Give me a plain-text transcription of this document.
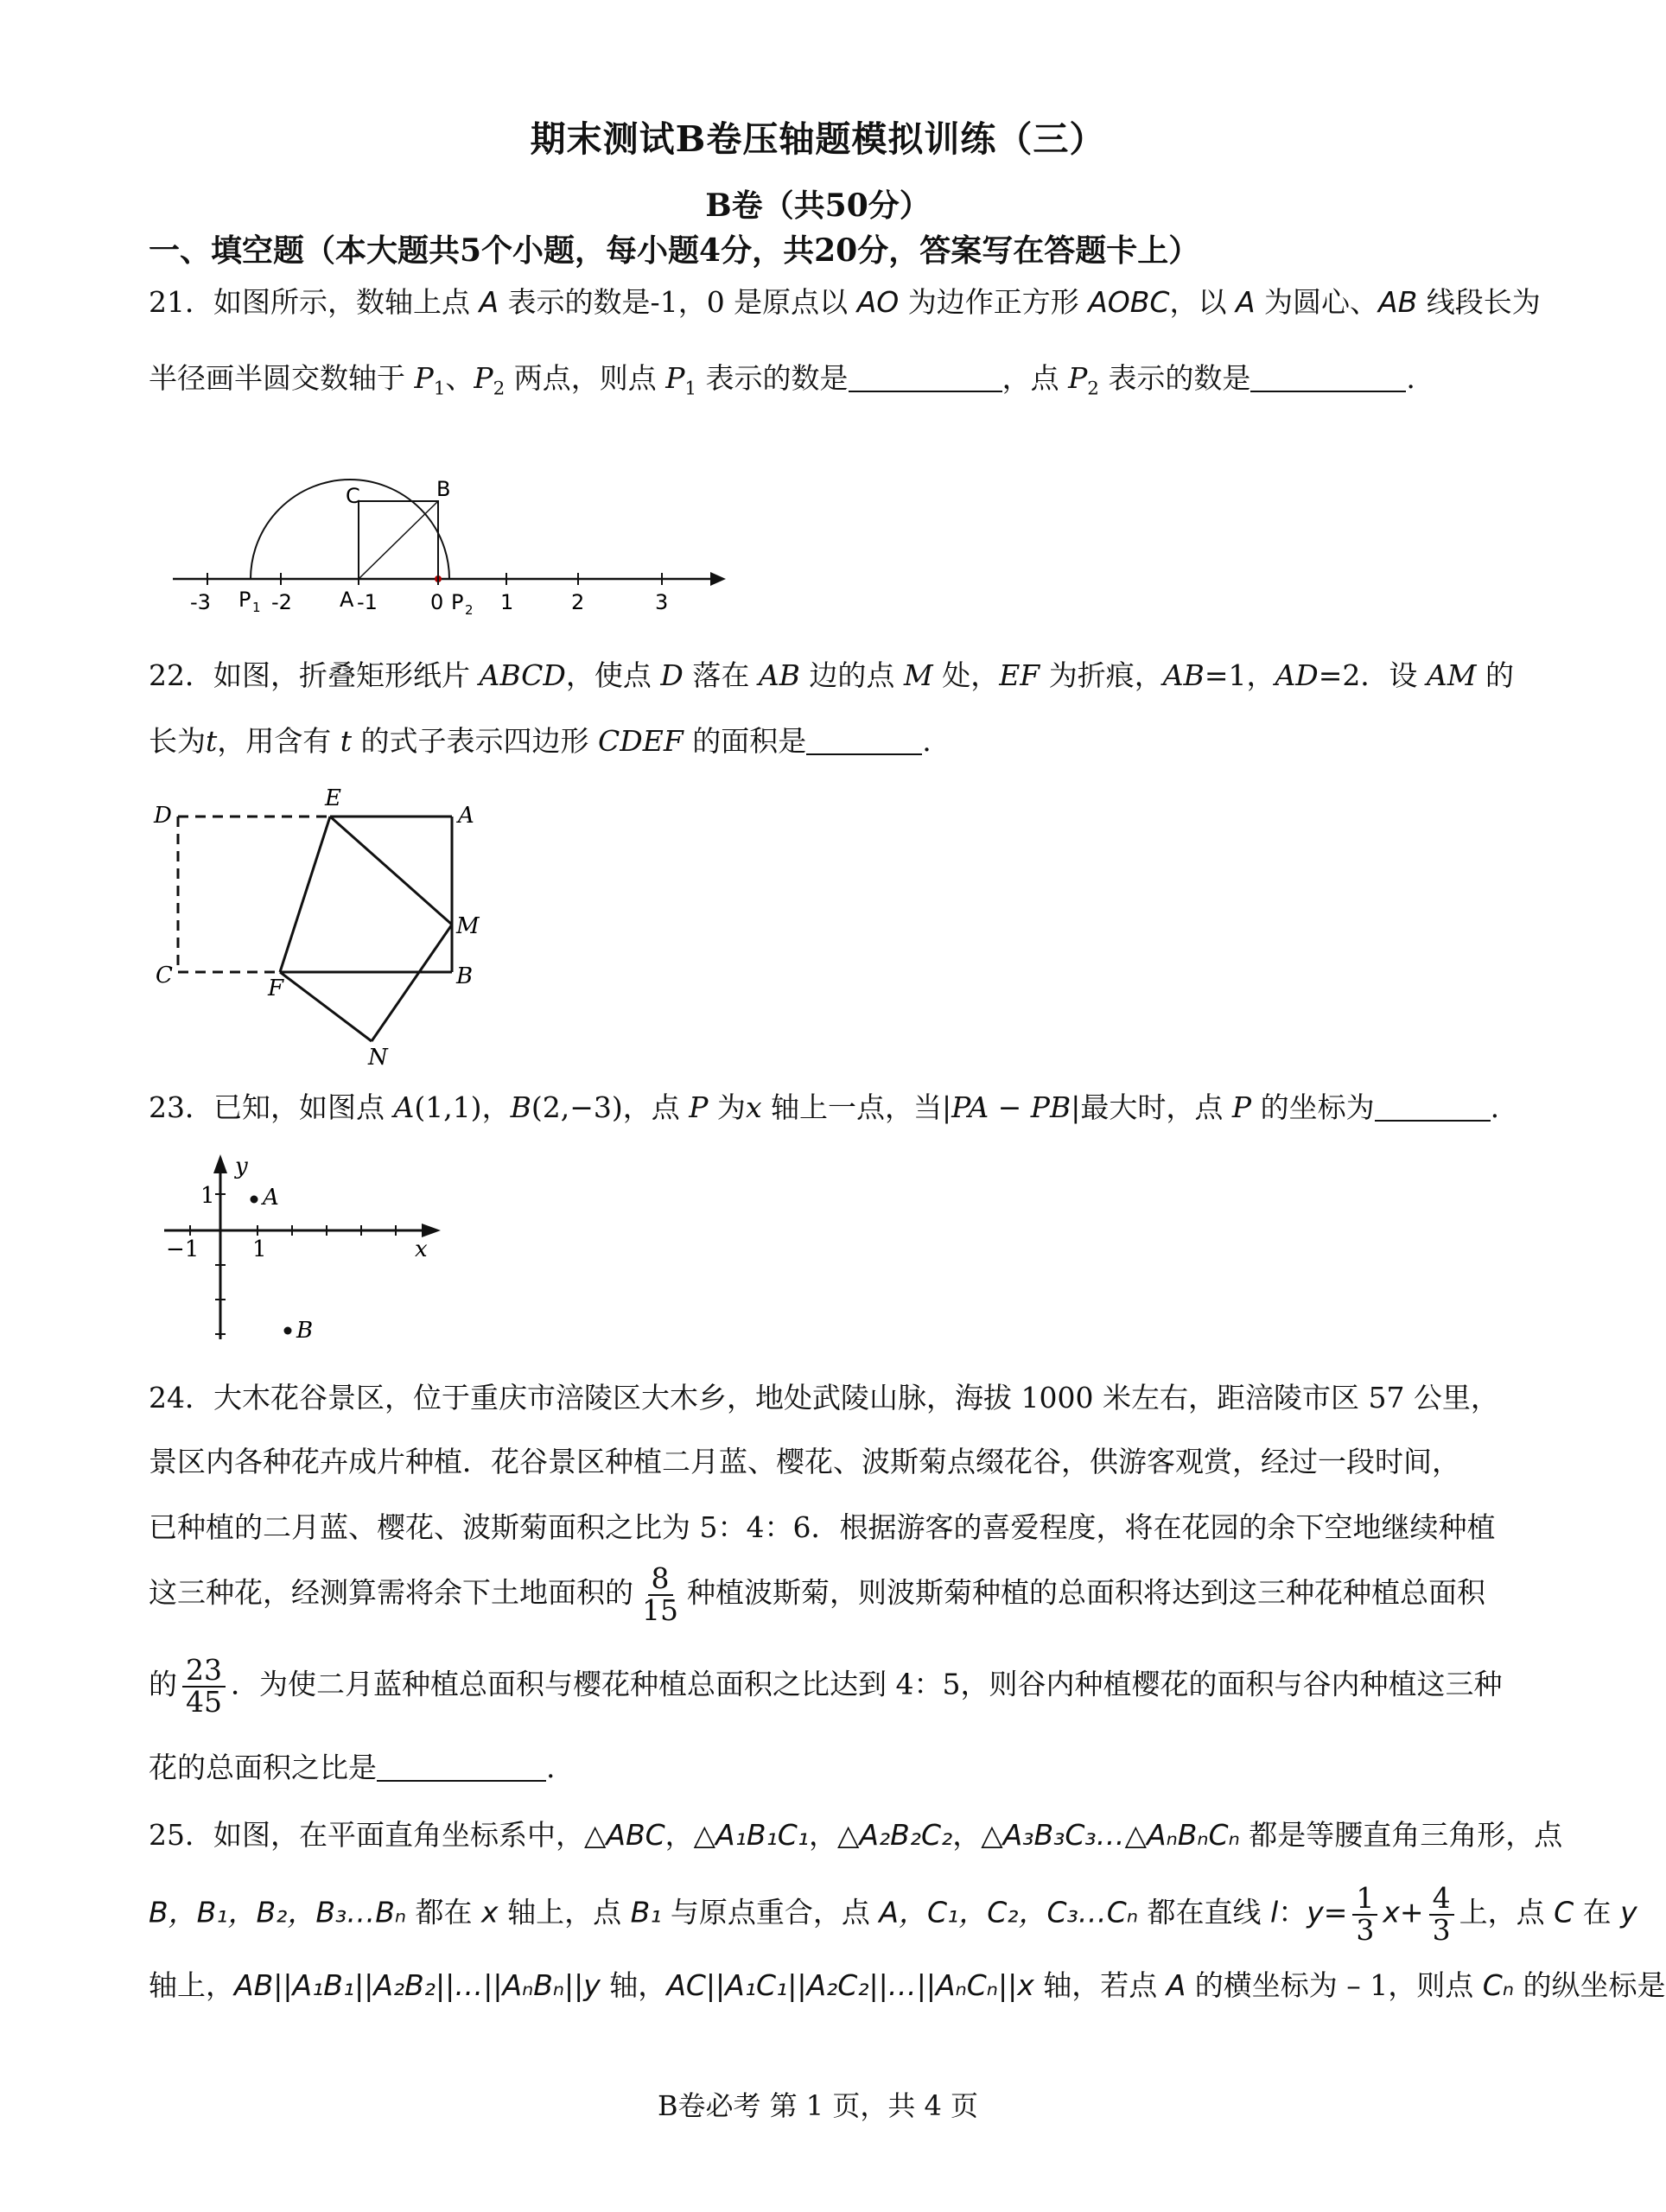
期末测试B卷压轴题模拟训练（三）
B卷（共50分）
一、填空题（本大题共5个小题，每小题4分，共20分，答案写在答题卡上）
21．如图所示，数轴上点 A 表示的数是-1，0 是原点以 AO 为边作正方形 AOBC，以 A 为圆心、AB 线段长为
半径画半圆交数轴于 $P_1$、$P_2$ 两点，则点 $P_1$ 表示的数是	，点 $P_2$ 表示的数是	.
C	B
A
-3 P 1 -2	-1	0 P 2 1	2	3
22．如图，折叠矩形纸片 ABCD，使点 D 落在 AB 边的点 M 处，EF 为折痕，AB=1，AD=2．设 AM 的
长为t，用含有 t 的式子表示四边形 CDEF 的面积是	.
D
E
A
M
C	F	B
N
23．已知，如图点 A(1,1)，B(2,−3)，点 P 为x 轴上一点，当|PA − PB|最大时，点 P 的坐标为	.
y
x
1
1
−1
A
B
24．大木花谷景区，位于重庆市涪陵区大木乡，地处武陵山脉，海拔 1000 米左右，距涪陵市区 57 公里，
景区内各种花卉成片种植．花谷景区种植二月蓝、樱花、波斯菊点缀花谷，供游客观赏，经过一段时间，
已种植的二月蓝、樱花、波斯菊面积之比为 5：4：6．根据游客的喜爱程度，将在花园的余下空地继续种植
这三种花，经测算需将余下土地面积的 $\frac{8}{15}$ 种植波斯菊，则波斯菊种植的总面积将达到这三种花种植总面积
的 $\frac{23}{45}$ ．为使二月蓝种植总面积与樱花种植总面积之比达到 4：5，则谷内种植樱花的面积与谷内种植这三种
花的总面积之比是	.
25．如图，在平面直角坐标系中，△ABC，△A₁B₁C₁，△A₂B₂C₂，△A₃B₃C₃…△AₙBₙCₙ 都是等腰直角三角形，点
B，B₁，B₂，B₃…Bₙ 都在 x 轴上，点 B₁ 与原点重合，点 A，C₁，C₂，C₃…Cₙ 都在直线 l：$y= \frac{1}{3} x+ \frac{4}{3}$ 上，点 C 在 y
轴上，AB||A₁B₁||A₂B₂||…||AₙBₙ||y 轴，AC||A₁C₁||A₂C₂||…||AₙCₙ||x 轴，若点 A 的横坐标为 – 1，则点 Cₙ 的纵坐标是
B卷必考 第 1 页，共 4 页
